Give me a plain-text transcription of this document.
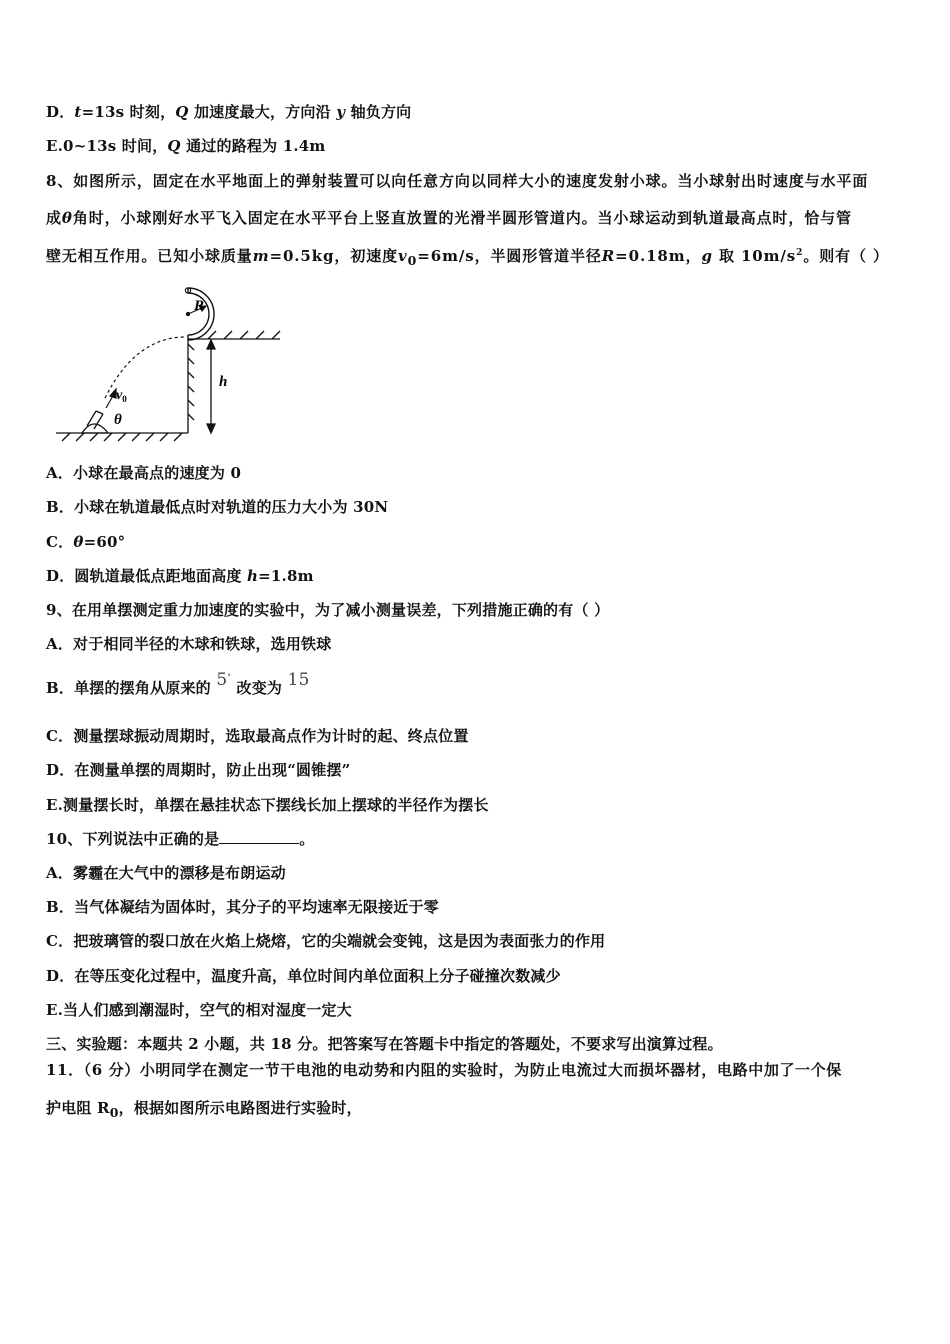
D．t=13s 时刻，Q 加速度最大，方向沿 y 轴负方向
E.0~13s 时间，Q 通过的路程为 1.4m
8、如图所示，固定在水平地面上的弹射装置可以向任意方向以同样大小的速度发射小球。当小球射出时速度与水平面
成θ角时，小球刚好水平飞入固定在水平平台上竖直放置的光滑半圆形管道内。当小球运动到轨道最高点时，恰与管
壁无相互作用。已知小球质量m=0.5kg，初速度$v_0=6m/s$，半圆形管道半径R=0.18m，g 取 $10m/s^2$。则有（ ）
h
R
$v_0$
θ
A．小球在最高点的速度为 0
B．小球在轨道最低点时对轨道的压力大小为 30N
C．θ=60°
D．圆轨道最低点距地面高度 h=1.8m
9、在用单摆测定重力加速度的实验中，为了减小测量误差，下列措施正确的有（ ）
A．对于相同半径的木球和铁球，选用铁球
B．单摆的摆角从原来的 5° 改变为 15
C．测量摆球振动周期时，选取最高点作为计时的起、终点位置
D．在测量单摆的周期时，防止出现“圆锥摆”
E.测量摆长时，单摆在悬挂状态下摆线长加上摆球的半径作为摆长
10、下列说法中正确的是	。
A．雾霾在大气中的漂移是布朗运动
B．当气体凝结为固体时，其分子的平均速率无限接近于零
C．把玻璃管的裂口放在火焰上烧熔，它的尖端就会变钝，这是因为表面张力的作用
D．在等压变化过程中，温度升高，单位时间内单位面积上分子碰撞次数减少
E.当人们感到潮湿时，空气的相对湿度一定大
三、实验题：本题共 2 小题，共 18 分。把答案写在答题卡中指定的答题处，不要求写出演算过程。
11．（6 分）小明同学在测定一节干电池的电动势和内阻的实验时，为防止电流过大而损坏器材，电路中加了一个保
护电阻 $R_0$，根据如图所示电路图进行实验时，
